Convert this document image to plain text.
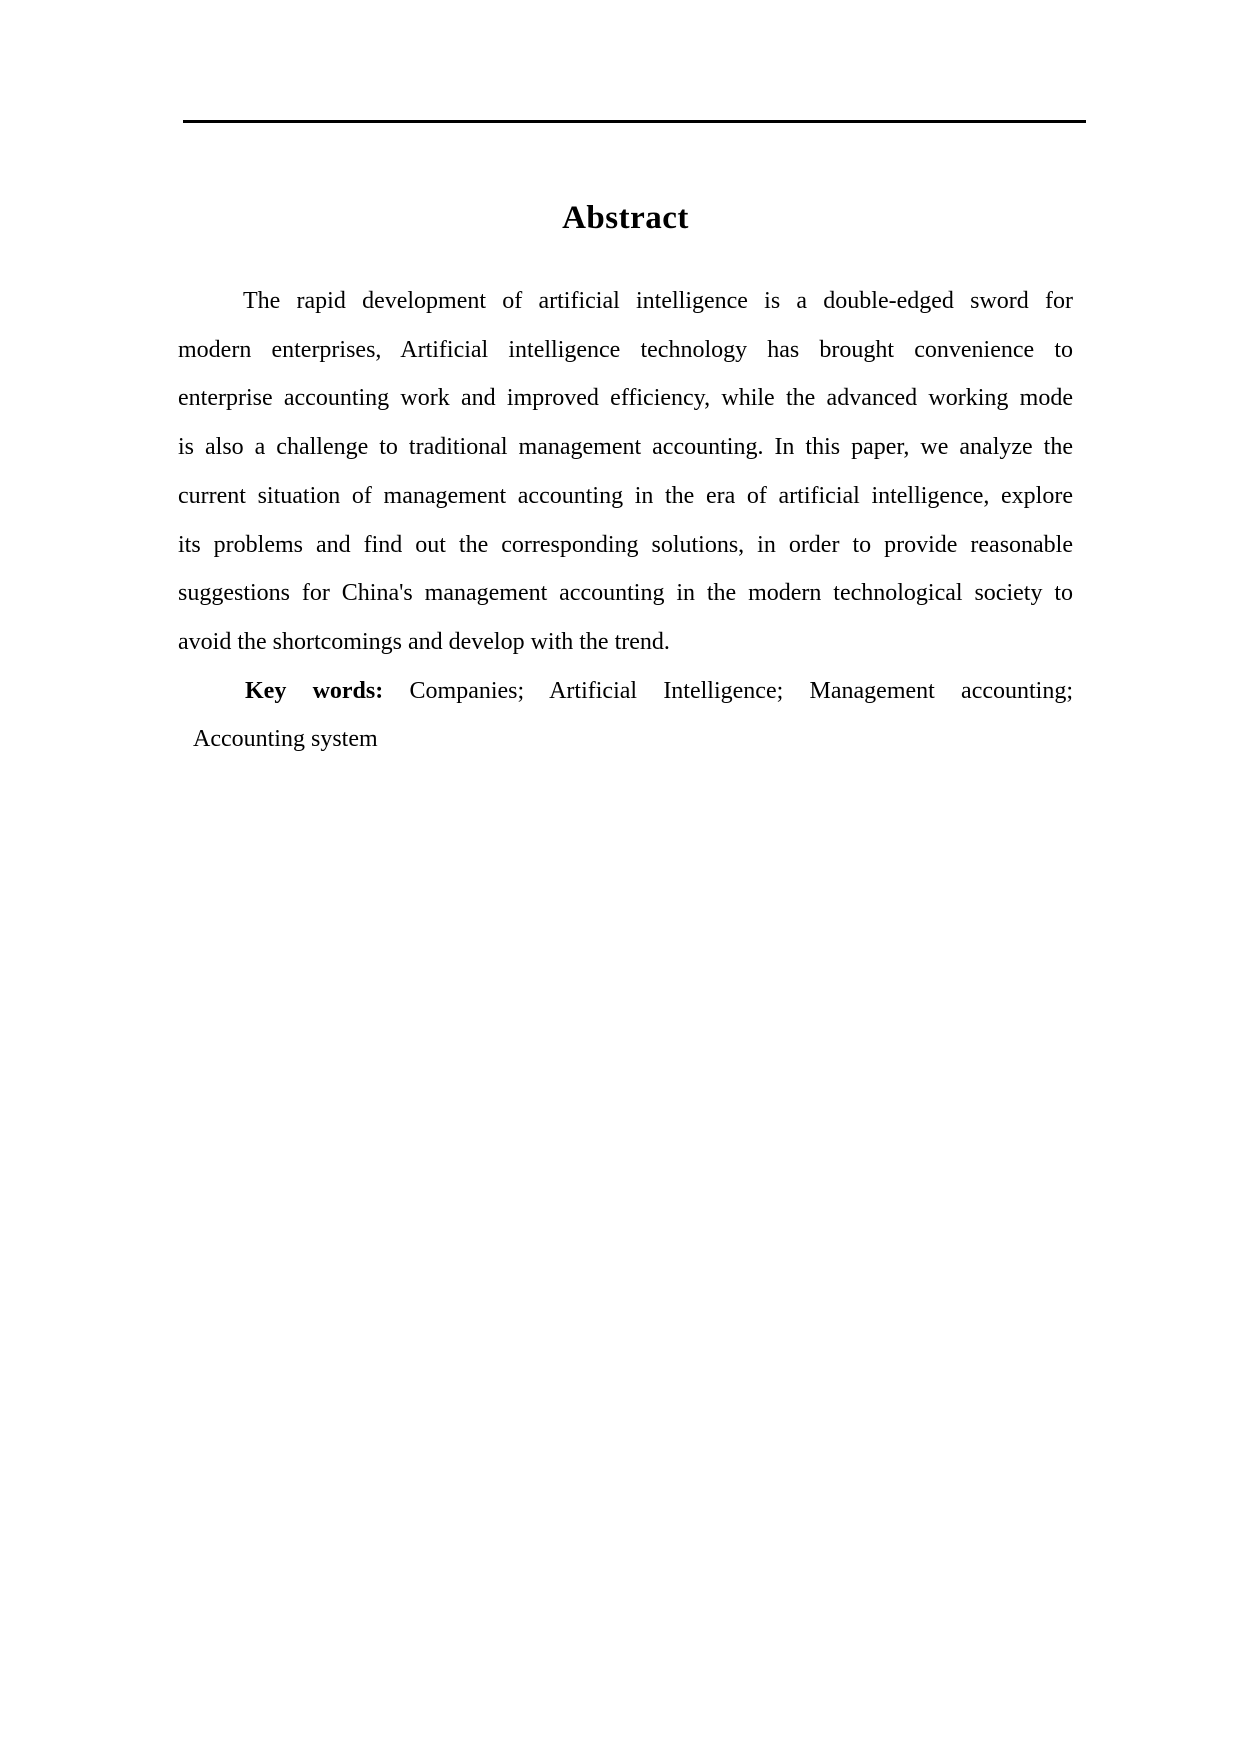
Abstract
The rapid development of artificial intelligence is a double-edged sword for
modern enterprises, Artificial intelligence technology has brought convenience to
enterprise accounting work and improved efficiency, while the advanced working mode
is also a challenge to traditional management accounting. In this paper, we analyze the
current situation of management accounting in the era of artificial intelligence, explore
its problems and find out the corresponding solutions, in order to provide reasonable
suggestions for China's management accounting in the modern technological society to
avoid the shortcomings and develop with the trend.
Key words: Companies; Artificial Intelligence; Management accounting;
Accounting system
